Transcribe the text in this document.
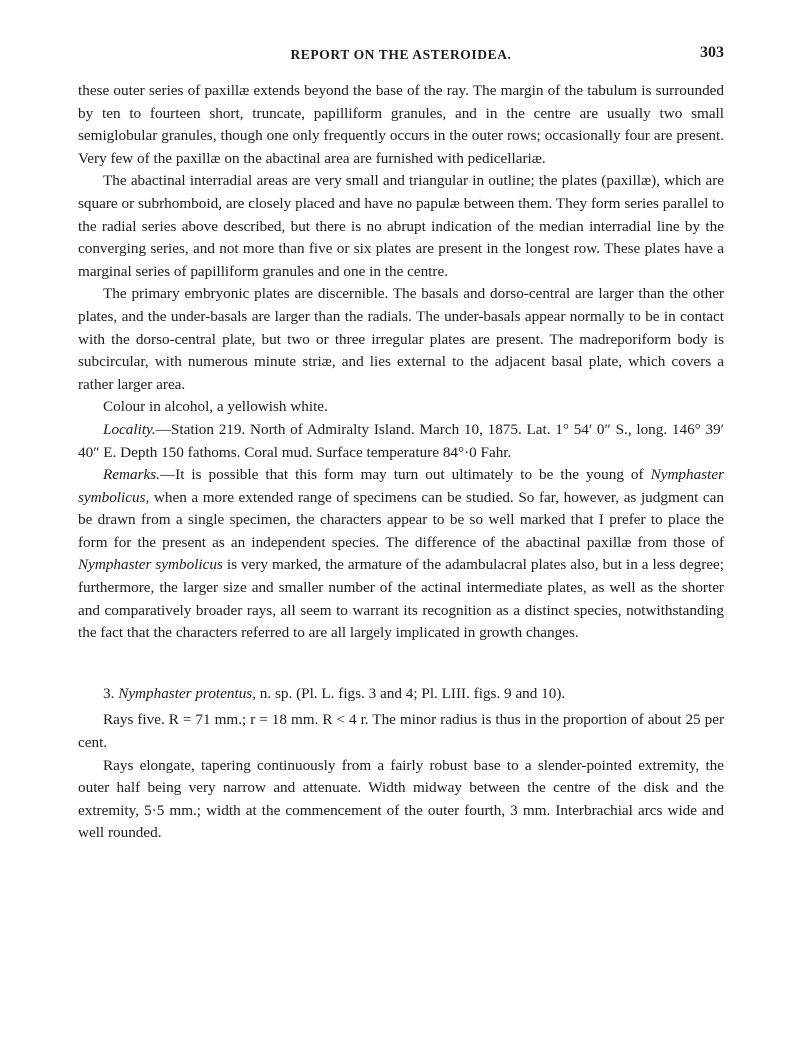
REPORT ON THE ASTEROIDEA.	303

these outer series of paxillæ extends beyond the base of the ray. The margin of the tabulum is surrounded by ten to fourteen short, truncate, papilliform granules, and in the centre are usually two small semiglobular granules, though one only frequently occurs in the outer rows; occasionally four are present. Very few of the paxillæ on the abactinal area are furnished with pedicellariæ.

The abactinal interradial areas are very small and triangular in outline; the plates (paxillæ), which are square or subrhomboid, are closely placed and have no papulæ between them. They form series parallel to the radial series above described, but there is no abrupt indication of the median interradial line by the converging series, and not more than five or six plates are present in the longest row. These plates have a marginal series of papilliform granules and one in the centre.

The primary embryonic plates are discernible. The basals and dorso-central are larger than the other plates, and the under-basals are larger than the radials. The under-basals appear normally to be in contact with the dorso-central plate, but two or three irregular plates are present. The madreporiform body is subcircular, with numerous minute striæ, and lies external to the adjacent basal plate, which covers a rather larger area.

Colour in alcohol, a yellowish white.

Locality.—Station 219. North of Admiralty Island. March 10, 1875. Lat. 1° 54′ 0″ S., long. 146° 39′ 40″ E. Depth 150 fathoms. Coral mud. Surface temperature 84°·0 Fahr.

Remarks.—It is possible that this form may turn out ultimately to be the young of Nymphaster symbolicus, when a more extended range of specimens can be studied. So far, however, as judgment can be drawn from a single specimen, the characters appear to be so well marked that I prefer to place the form for the present as an independent species. The difference of the abactinal paxillæ from those of Nymphaster symbolicus is very marked, the armature of the adambulacral plates also, but in a less degree; furthermore, the larger size and smaller number of the actinal intermediate plates, as well as the shorter and comparatively broader rays, all seem to warrant its recognition as a distinct species, notwithstanding the fact that the characters referred to are all largely implicated in growth changes.

3. Nymphaster protentus, n. sp. (Pl. L. figs. 3 and 4; Pl. LIII. figs. 9 and 10).

Rays five. R = 71 mm.; r = 18 mm. R < 4 r. The minor radius is thus in the proportion of about 25 per cent.

Rays elongate, tapering continuously from a fairly robust base to a slender-pointed extremity, the outer half being very narrow and attenuate. Width midway between the centre of the disk and the extremity, 5·5 mm.; width at the commencement of the outer fourth, 3 mm. Interbrachial arcs wide and well rounded.
